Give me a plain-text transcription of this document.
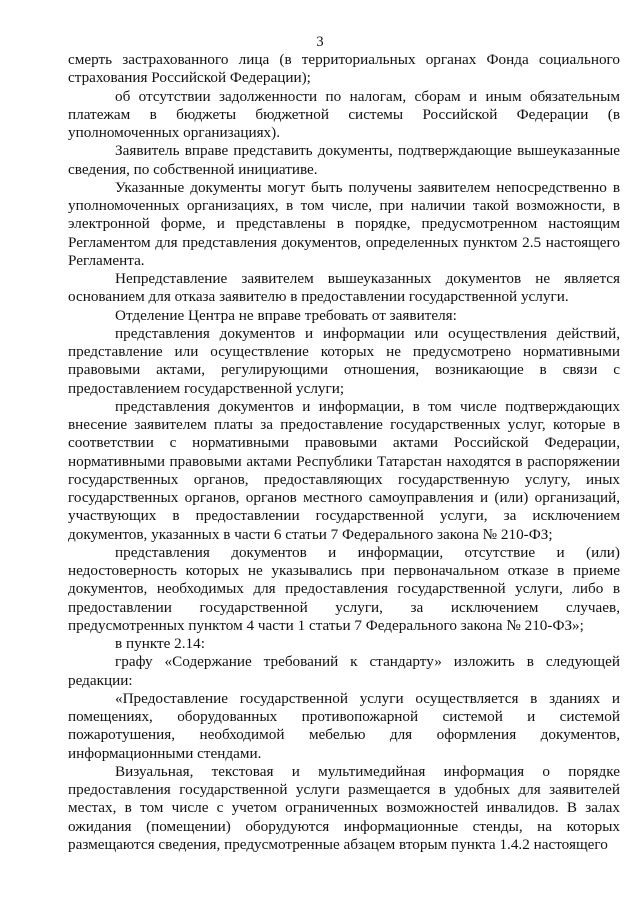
3

смерть застрахованного лица (в территориальных органах Фонда социального страхования Российской Федерации);

об отсутствии задолженности по налогам, сборам и иным обязательным платежам в бюджеты бюджетной системы Российской Федерации (в уполномоченных организациях).

Заявитель вправе представить документы, подтверждающие вышеуказанные сведения, по собственной инициативе.

Указанные документы могут быть получены заявителем непосредственно в уполномоченных организациях, в том числе, при наличии такой возможности, в электронной форме, и представлены в порядке, предусмотренном настоящим Регламентом для представления документов, определенных пунктом 2.5 настоящего Регламента.

Непредставление заявителем вышеуказанных документов не является основанием для отказа заявителю в предоставлении государственной услуги.

Отделение Центра не вправе требовать от заявителя:

представления документов и информации или осуществления действий, представление или осуществление которых не предусмотрено нормативными правовыми актами, регулирующими отношения, возникающие в связи с предоставлением государственной услуги;

представления документов и информации, в том числе подтверждающих внесение заявителем платы за предоставление государственных услуг, которые в соответствии с нормативными правовыми актами Российской Федерации, нормативными правовыми актами Республики Татарстан находятся в распоряжении государственных органов, предоставляющих государственную услугу, иных государственных органов, органов местного самоуправления и (или) организаций, участвующих в предоставлении государственной услуги, за исключением документов, указанных в части 6 статьи 7 Федерального закона № 210-ФЗ;

представления документов и информации, отсутствие и (или) недостоверность которых не указывались при первоначальном отказе в приеме документов, необходимых для предоставления государственной услуги, либо в предоставлении государственной услуги, за исключением случаев, предусмотренных пунктом 4 части 1 статьи 7 Федерального закона № 210-ФЗ»;

в пункте 2.14:

графу «Содержание требований к стандарту» изложить в следующей редакции:

«Предоставление государственной услуги осуществляется в зданиях и помещениях, оборудованных противопожарной системой и системой пожаротушения, необходимой мебелью для оформления документов, информационными стендами.

Визуальная, текстовая и мультимедийная информация о порядке предоставления государственной услуги размещается в удобных для заявителей местах, в том числе с учетом ограниченных возможностей инвалидов. В залах ожидания (помещении) оборудуются информационные стенды, на которых размещаются сведения, предусмотренные абзацем вторым пункта 1.4.2 настоящего
